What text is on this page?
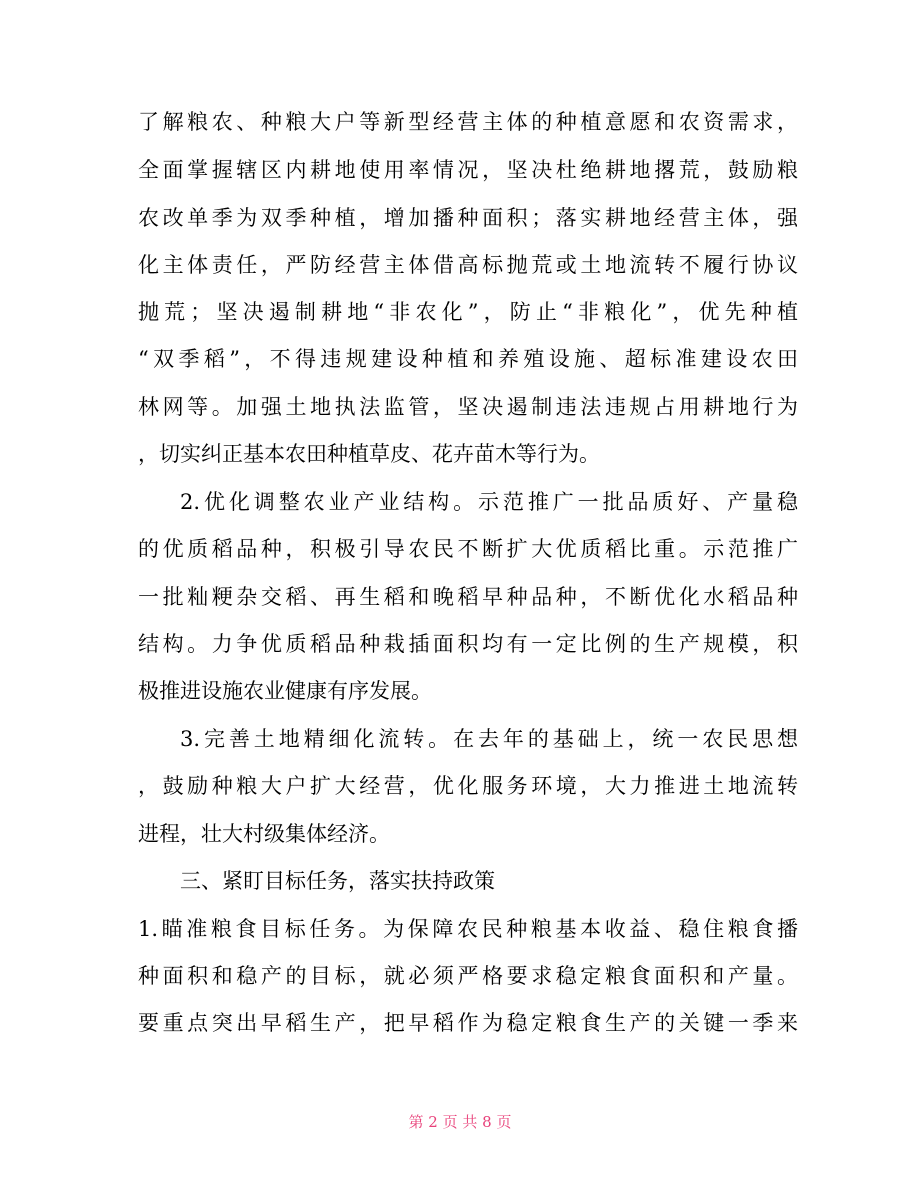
了解粮农、种粮大户等新型经营主体的种植意愿和农资需求，
全面掌握辖区内耕地使用率情况，坚决杜绝耕地撂荒，鼓励粮
农改单季为双季种植，增加播种面积；落实耕地经营主体，强
化主体责任，严防经营主体借高标抛荒或土地流转不履行协议
抛荒；坚决遏制耕地“非农化”，防止“非粮化”，优先种植
“双季稻”，不得违规建设种植和养殖设施、超标准建设农田
林网等。加强土地执法监管，坚决遏制违法违规占用耕地行为
，切实纠正基本农田种植草皮、花卉苗木等行为。
2.优化调整农业产业结构。示范推广一批品质好、产量稳
的优质稻品种，积极引导农民不断扩大优质稻比重。示范推广
一批籼粳杂交稻、再生稻和晚稻早种品种，不断优化水稻品种
结构。力争优质稻品种栽插面积均有一定比例的生产规模，积
极推进设施农业健康有序发展。
3.完善土地精细化流转。在去年的基础上，统一农民思想
，鼓励种粮大户扩大经营，优化服务环境，大力推进土地流转
进程，壮大村级集体经济。
三、紧盯目标任务，落实扶持政策
1.瞄准粮食目标任务。为保障农民种粮基本收益、稳住粮食播
种面积和稳产的目标，就必须严格要求稳定粮食面积和产量。
要重点突出早稻生产，把早稻作为稳定粮食生产的关键一季来
第 2 页 共 8 页
